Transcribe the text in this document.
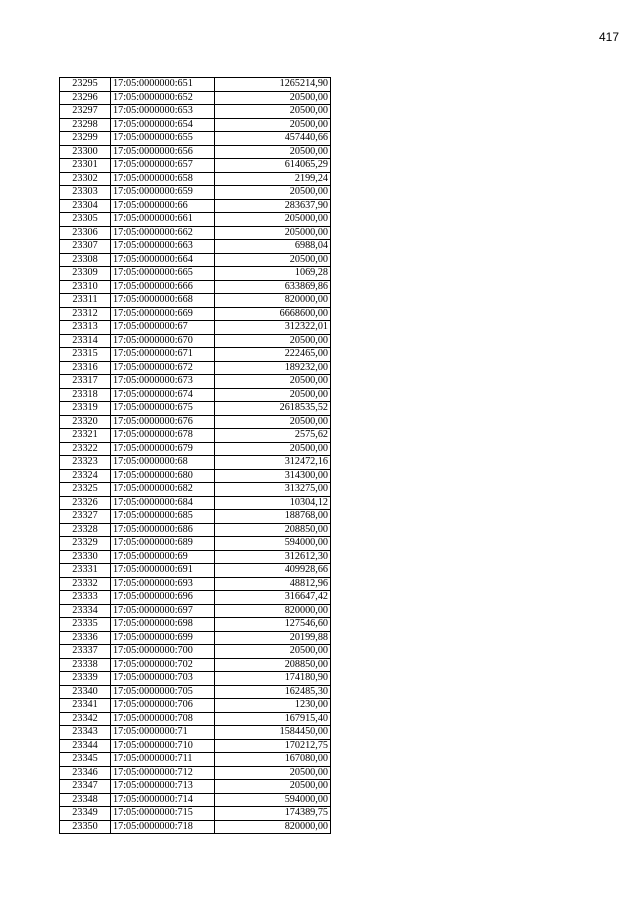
417
23295	17:05:0000000:651	1265214,90
23296	17:05:0000000:652	20500,00
23297	17:05:0000000:653	20500,00
23298	17:05:0000000:654	20500,00
23299	17:05:0000000:655	457440,66
23300	17:05:0000000:656	20500,00
23301	17:05:0000000:657	614065,29
23302	17:05:0000000:658	2199,24
23303	17:05:0000000:659	20500,00
23304	17:05:0000000:66	283637,90
23305	17:05:0000000:661	205000,00
23306	17:05:0000000:662	205000,00
23307	17:05:0000000:663	6988,04
23308	17:05:0000000:664	20500,00
23309	17:05:0000000:665	1069,28
23310	17:05:0000000:666	633869,86
23311	17:05:0000000:668	820000,00
23312	17:05:0000000:669	6668600,00
23313	17:05:0000000:67	312322,01
23314	17:05:0000000:670	20500,00
23315	17:05:0000000:671	222465,00
23316	17:05:0000000:672	189232,00
23317	17:05:0000000:673	20500,00
23318	17:05:0000000:674	20500,00
23319	17:05:0000000:675	2618535,52
23320	17:05:0000000:676	20500,00
23321	17:05:0000000:678	2575,62
23322	17:05:0000000:679	20500,00
23323	17:05:0000000:68	312472,16
23324	17:05:0000000:680	314300,00
23325	17:05:0000000:682	313275,00
23326	17:05:0000000:684	10304,12
23327	17:05:0000000:685	188768,00
23328	17:05:0000000:686	208850,00
23329	17:05:0000000:689	594000,00
23330	17:05:0000000:69	312612,30
23331	17:05:0000000:691	409928,66
23332	17:05:0000000:693	48812,96
23333	17:05:0000000:696	316647,42
23334	17:05:0000000:697	820000,00
23335	17:05:0000000:698	127546,60
23336	17:05:0000000:699	20199,88
23337	17:05:0000000:700	20500,00
23338	17:05:0000000:702	208850,00
23339	17:05:0000000:703	174180,90
23340	17:05:0000000:705	162485,30
23341	17:05:0000000:706	1230,00
23342	17:05:0000000:708	167915,40
23343	17:05:0000000:71	1584450,00
23344	17:05:0000000:710	170212,75
23345	17:05:0000000:711	167080,00
23346	17:05:0000000:712	20500,00
23347	17:05:0000000:713	20500,00
23348	17:05:0000000:714	594000,00
23349	17:05:0000000:715	174389,75
23350	17:05:0000000:718	820000,00
